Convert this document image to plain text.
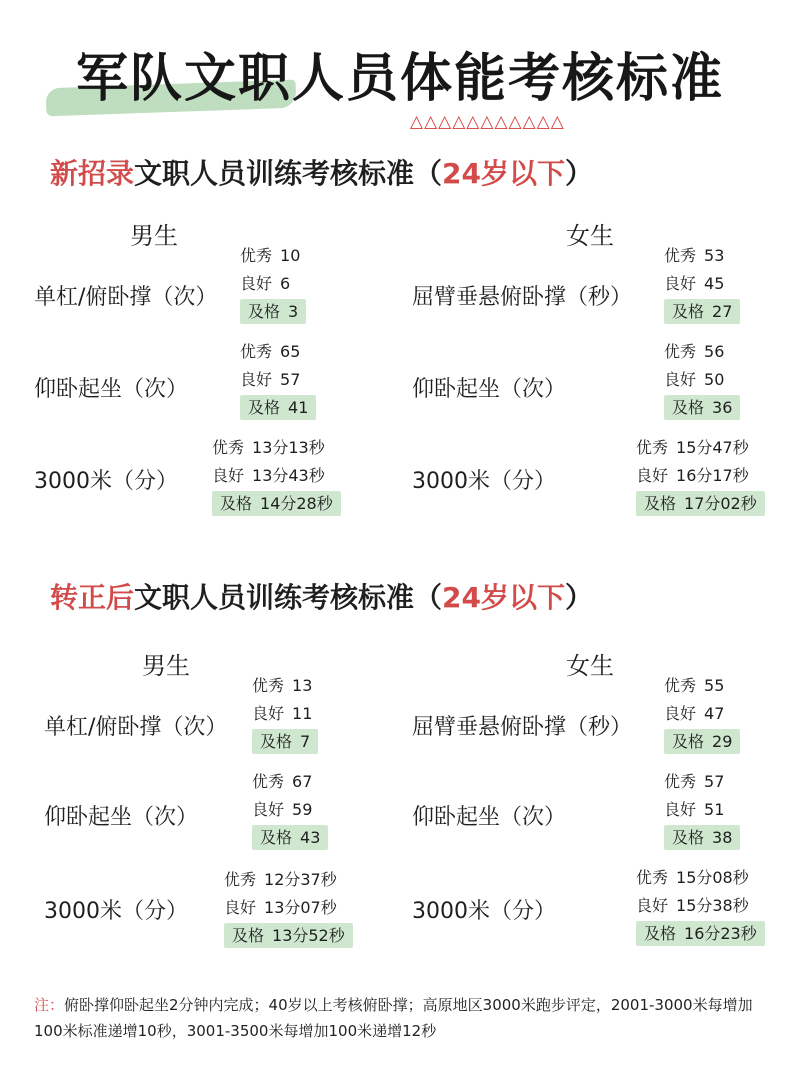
军队文职人员体能考核标准
△△△△△△△△△△△
新招录文职人员训练考核标准（24岁以下）
男生	女生
单杠/俯卧撑（次）
优秀 10
良好 6
及格 3
仰卧起坐（次）
优秀 65
良好 57
及格 41
3000米（分）
优秀 13分13秒
良好 13分43秒
及格 14分28秒
屈臂垂悬俯卧撑（秒）
优秀 53
良好 45
及格 27
仰卧起坐（次）
优秀 56
良好 50
及格 36
3000米（分）
优秀 15分47秒
良好 16分17秒
及格 17分02秒
转正后文职人员训练考核标准（24岁以下）
男生	女生
单杠/俯卧撑（次）
优秀 13
良好 11
及格 7
仰卧起坐（次）
优秀 67
良好 59
及格 43
3000米（分）
优秀 12分37秒
良好 13分07秒
及格 13分52秒
屈臂垂悬俯卧撑（秒）
优秀 55
良好 47
及格 29
仰卧起坐（次）
优秀 57
良好 51
及格 38
3000米（分）
优秀 15分08秒
良好 15分38秒
及格 16分23秒
注：俯卧撑仰卧起坐2分钟内完成；40岁以上考核俯卧撑；高原地区3000米跑步评定，2001-3000米每增加100米标准递增10秒，3001-3500米每增加100米递增12秒
